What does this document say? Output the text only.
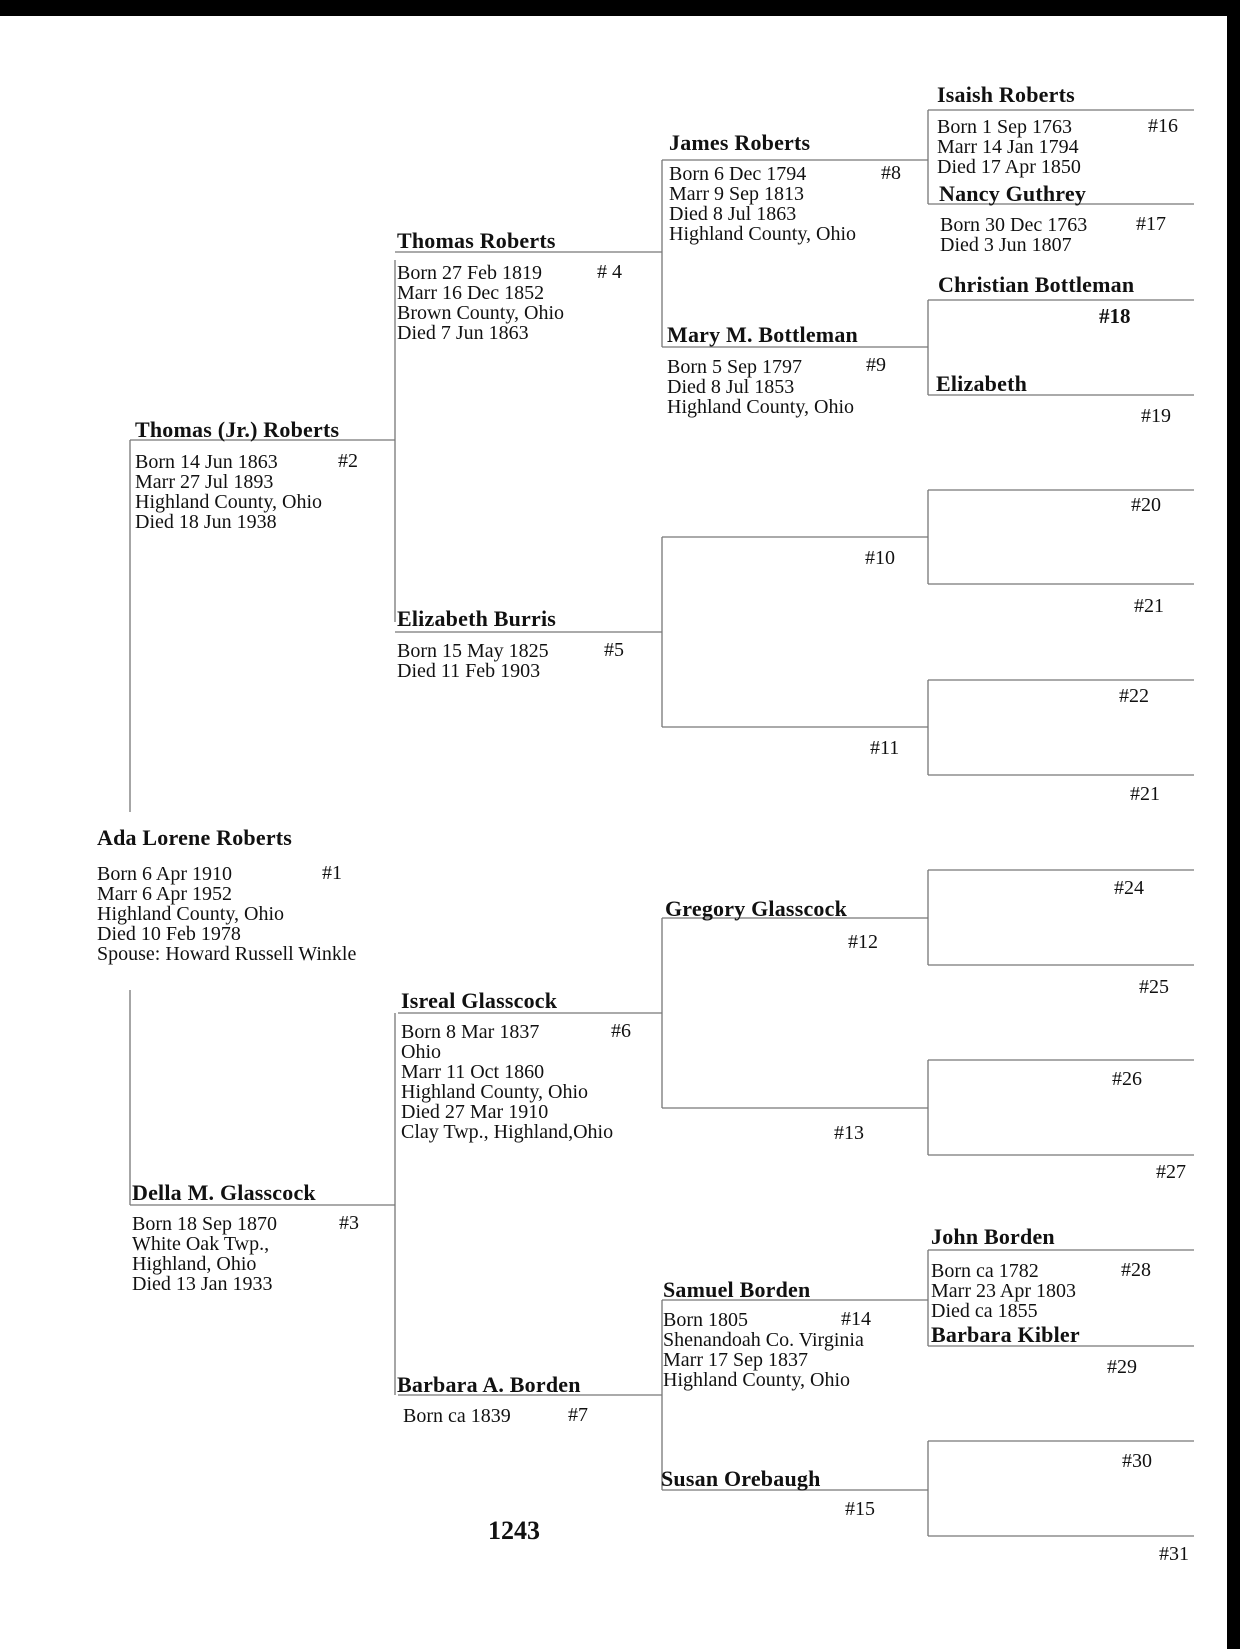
Ada Lorene Roberts
Born 6 Apr 1910
Marr 6 Apr 1952
Highland County, Ohio
Died 10 Feb 1978
Spouse: Howard Russell Winkle
#1
Thomas (Jr.) Roberts
Born 14 Jun 1863
Marr 27 Jul 1893
Highland County, Ohio
Died 18 Jun 1938
#2
Della M. Glasscock
Born 18 Sep 1870
White Oak Twp.,
Highland, Ohio
Died 13 Jan 1933
#3
Thomas Roberts
Born 27 Feb 1819
Marr 16 Dec 1852
Brown County, Ohio
Died 7 Jun 1863
# 4
Elizabeth Burris
Born 15 May 1825
Died 11 Feb 1903
#5
Isreal Glasscock
Born 8 Mar 1837
Ohio
Marr 11 Oct 1860
Highland County, Ohio
Died 27 Mar 1910
Clay Twp., Highland,Ohio
#6
Barbara A. Borden
Born ca 1839	#7
James Roberts
Born 6 Dec 1794
Marr 9 Sep 1813
Died 8 Jul 1863
Highland County, Ohio
#8
Mary M. Bottleman
Born 5 Sep 1797
Died 8 Jul 1853
Highland County, Ohio
#9
#10
#11
Gregory Glasscock
#12
#13
Samuel Borden
Born 1805
Shenandoah Co. Virginia
Marr 17 Sep 1837
Highland County, Ohio
#14
Susan Orebaugh
#15
Isaish Roberts
Born 1 Sep 1763
Marr 14 Jan 1794
Died 17 Apr 1850
#16
Nancy Guthrey
Born 30 Dec 1763
Died 3 Jun 1807
#17
Christian Bottleman
#18
Elizabeth
#19
#20
#21
#22
#21
#24
#25
#26
#27
John Borden
Born ca 1782
Marr 23 Apr 1803
Died ca 1855
#28
Barbara Kibler
#29
#30
#31
1243
